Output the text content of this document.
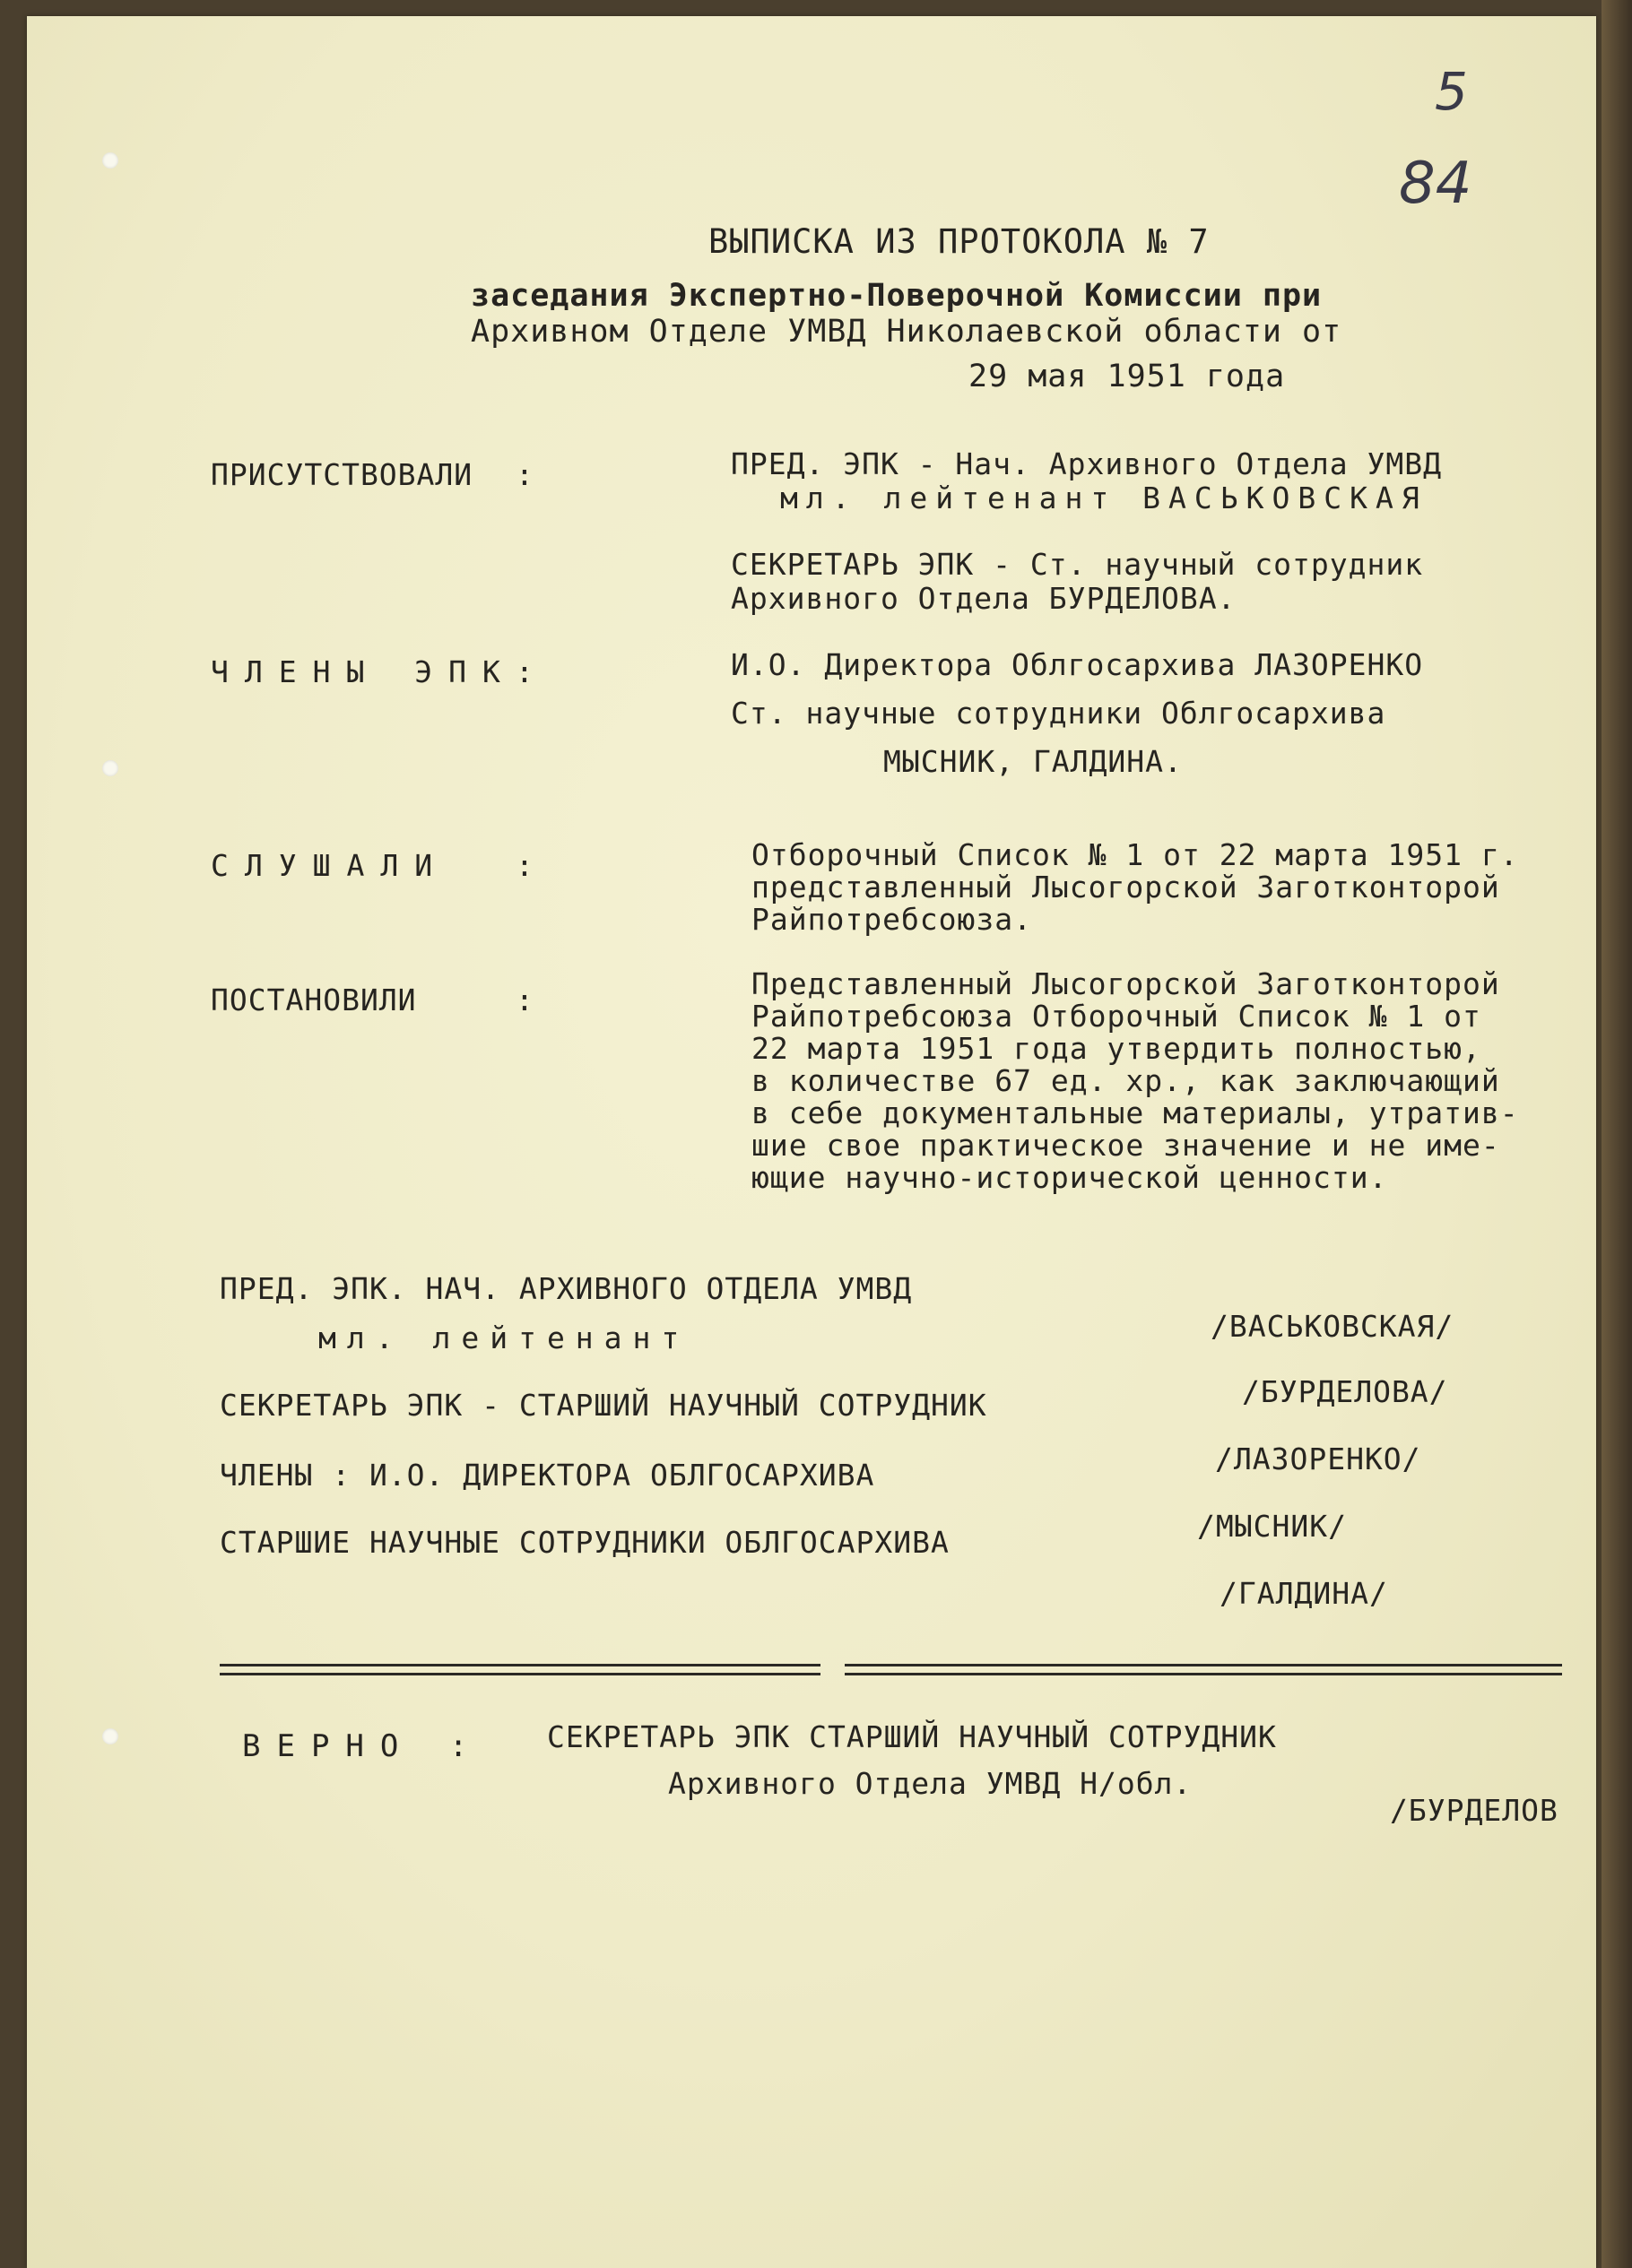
5
84
ВЫПИСКА ИЗ ПРОТОКОЛА № 7
заседания Экспертно-Поверочной Комиссии при
Архивном Отделе УМВД Николаевской области от
29 мая 1951 года
ПРИСУТСТВОВАЛИ :	ПРЕД. ЭПК - Нач. Архивного Отдела УМВД
мл. лейтенант ВАСЬКОВСКАЯ
СЕКРЕТАРЬ ЭПК - Ст. научный сотрудник
Архивного Отдела БУРДЕЛОВА.
ЧЛЕНЫ ЭПК :	И.О. Директора Облгосархива ЛАЗОРЕНКО
Ст. научные сотрудники Облгосархива
МЫСНИК, ГАЛДИНА.
СЛУШАЛИ :	Отборочный Список № 1 от 22 марта 1951 г.
представленный Лысогорской Заготконторой
Райпотребсоюза.
ПОСТАНОВИЛИ	:	Представленный Лысогорской Заготконторой
Райпотребсоюза Отборочный Список № 1 от
22 марта 1951 года утвердить полностью,
в количестве 67 ед. хр., как заключающий
в себе документальные материалы, утратив-
шие свое практическое значение и не име-
ющие научно-исторической ценности.
ПРЕД. ЭПК. НАЧ. АРХИВНОГО ОТДЕЛА УМВД
мл. лейтенант	/ВАСЬКОВСКАЯ/
СЕКРЕТАРЬ ЭПК - СТАРШИЙ НАУЧНЫЙ СОТРУДНИК	/БУРДЕЛОВА/
ЧЛЕНЫ : И.О. ДИРЕКТОРА ОБЛГОСАРХИВА	/ЛАЗОРЕНКО/
СТАРШИЕ НАУЧНЫЕ СОТРУДНИКИ ОБЛГОСАРХИВА	/МЫСНИК/
/ГАЛДИНА/
ВЕРНО : СЕКРЕТАРЬ ЭПК СТАРШИЙ НАУЧНЫЙ СОТРУДНИК
Архивного Отдела УМВД Н/обл.
/БУРДЕЛОВ
